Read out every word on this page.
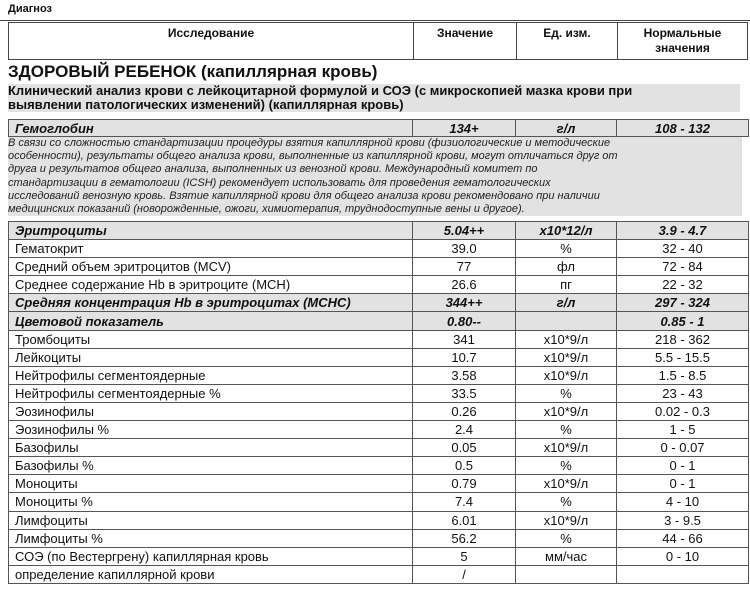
Диагноз
Исследование	Значение	Ед. изм.	Нормальные
значения
ЗДОРОВЫЙ РЕБЕНОК (капиллярная кровь)
Клинический анализ крови с лейкоцитарной формулой и СОЭ (с микроскопией мазка крови при
выявлении патологических изменений) (капиллярная кровь)
Гемоглобин	134+	г/л	108 - 132
В связи со сложностью стандартизации процедуры взятия капиллярной крови (физиологические и методические
особенности), результаты общего анализа крови, выполненные из капиллярной крови, могут отличаться друг от
друга и результатов общего анализа, выполненных из венозной крови. Международный комитет по
стандартизации в гематологии (ICSH) рекомендует использовать для проведения гематологических
исследований венозную кровь. Взятие капиллярной крови для общего анализа крови рекомендовано при наличии
медицинских показаний (новорожденные, ожоги, химиотерапия, труднодоступные вены и другое).
Эритроциты	5.04++	х10*12/л	3.9 - 4.7
Гематокрит	39.0	%	32 - 40
Средний объем эритроцитов (MCV)	77	фл	72 - 84
Среднее содержание Hb в эритроците (MCH)	26.6	пг	22 - 32
Средняя концентрация Hb в эритроцитах (MCHC)	344++	г/л	297 - 324
Цветовой показатель	0.80--		0.85 - 1
Тромбоциты	341	х10*9/л	218 - 362
Лейкоциты	10.7	х10*9/л	5.5 - 15.5
Нейтрофилы сегментоядерные	3.58	х10*9/л	1.5 - 8.5
Нейтрофилы сегментоядерные %	33.5	%	23 - 43
Эозинофилы	0.26	х10*9/л	0.02 - 0.3
Эозинофилы %	2.4	%	1 - 5
Базофилы	0.05	х10*9/л	0 - 0.07
Базофилы %	0.5	%	0 - 1
Моноциты	0.79	х10*9/л	0 - 1
Моноциты %	7.4	%	4 - 10
Лимфоциты	6.01	х10*9/л	3 - 9.5
Лимфоциты %	56.2	%	44 - 66
СОЭ (по Вестергрену) капиллярная кровь	5	мм/час	0 - 10
определение капиллярной крови	/		
